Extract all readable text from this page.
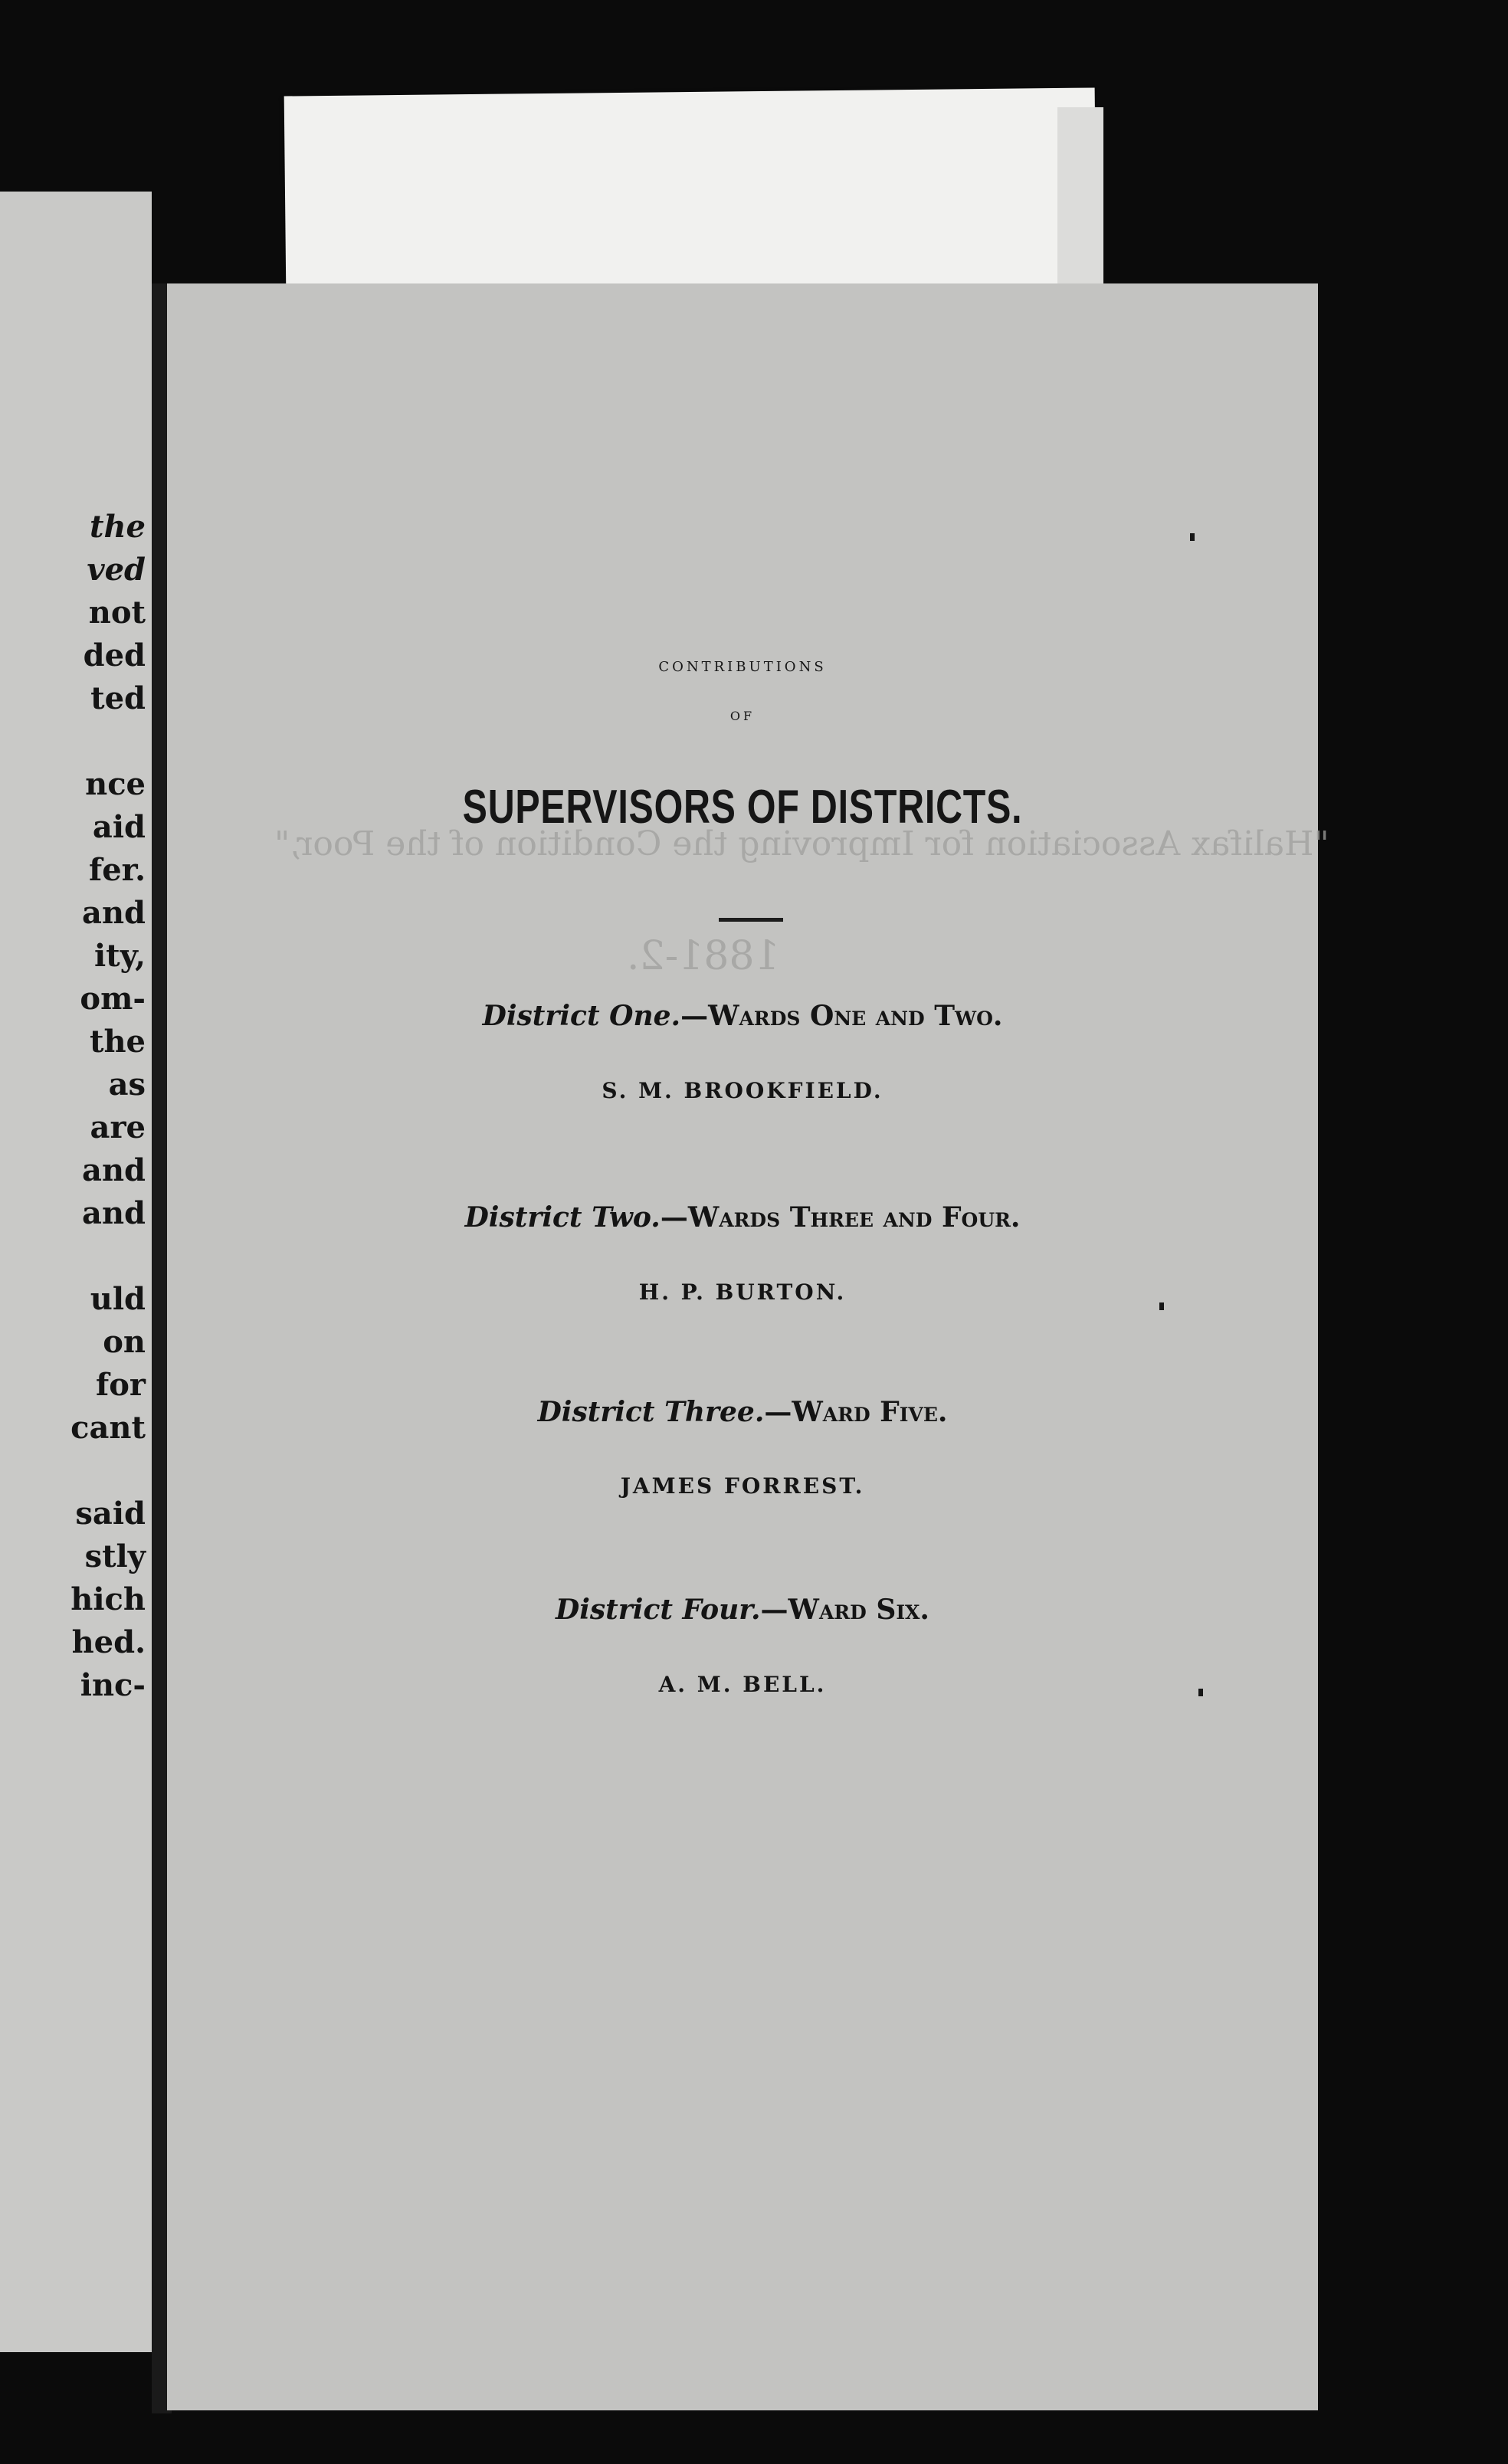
the
ved
not
ded
ted
nce
aid
fer.
and
ity,
om-
the
as
are
and
and
uld
on
for
cant
said
stly
hich
hed.
inc-
"Halifax Association for Improving the Condition of the Poor,"
1881-2.
CONTRIBUTIONS
OF
SUPERVISORS OF DISTRICTS.
District One.—Wards One and Two.
S. M. BROOKFIELD.
District Two.—Wards Three and Four.
H. P. BURTON.
District Three.—Ward Five.
JAMES FORREST.
District Four.—Ward Six.
A. M. BELL.
